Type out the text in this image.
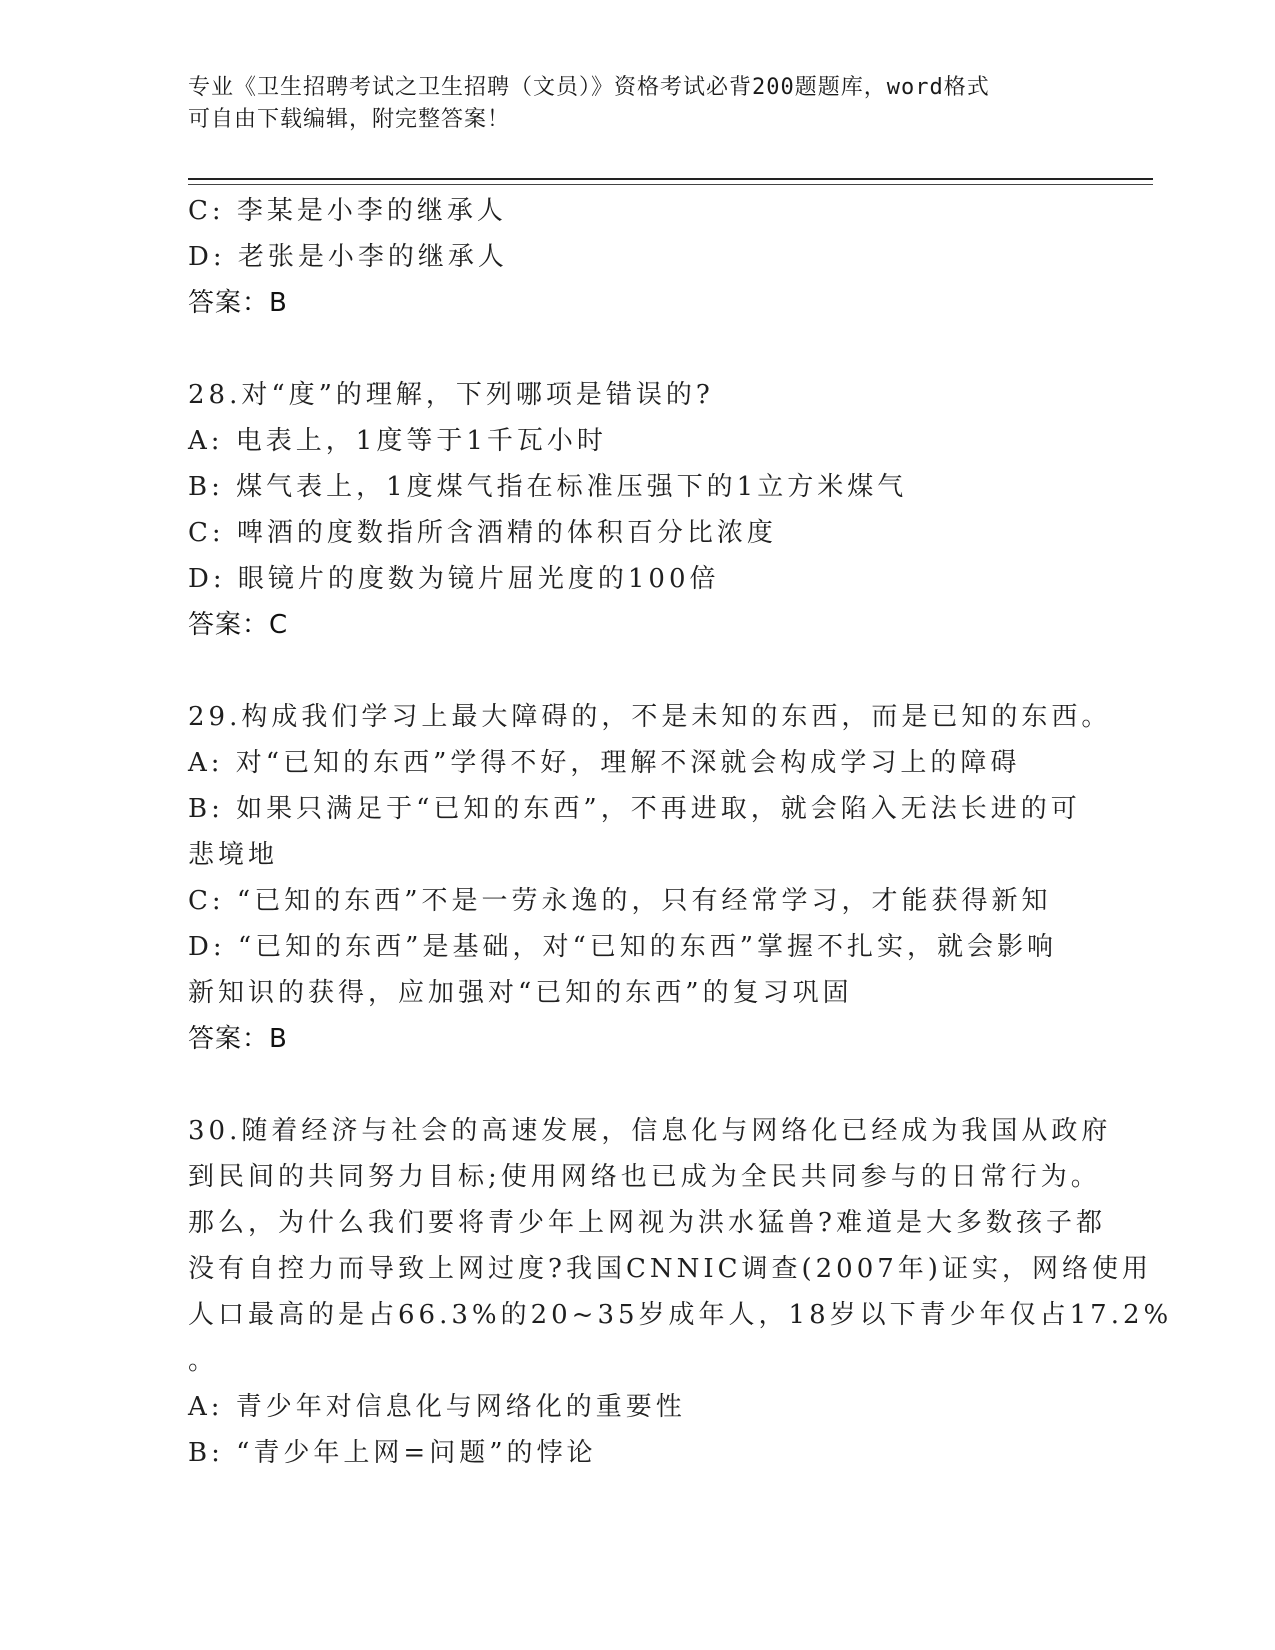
专业《卫生招聘考试之卫生招聘（文员）》资格考试必背200题题库，word格式
可自由下载编辑，附完整答案！
C: 李某是小李的继承人
D: 老张是小李的继承人
答案：B
28.对“度”的理解，下列哪项是错误的?
A: 电表上，1度等于1千瓦小时
B: 煤气表上，1度煤气指在标准压强下的1立方米煤气
C: 啤酒的度数指所含酒精的体积百分比浓度
D: 眼镜片的度数为镜片屈光度的100倍
答案：C
29.构成我们学习上最大障碍的，不是未知的东西，而是已知的东西。
A: 对“已知的东西”学得不好，理解不深就会构成学习上的障碍
B: 如果只满足于“已知的东西”，不再进取，就会陷入无法长进的可
悲境地
C: “已知的东西”不是一劳永逸的，只有经常学习，才能获得新知
D: “已知的东西”是基础，对“已知的东西”掌握不扎实，就会影响
新知识的获得，应加强对“已知的东西”的复习巩固
答案：B
30.随着经济与社会的高速发展，信息化与网络化已经成为我国从政府
到民间的共同努力目标;使用网络也已成为全民共同参与的日常行为。
那么，为什么我们要将青少年上网视为洪水猛兽?难道是大多数孩子都
没有自控力而导致上网过度?我国CNNIC调查(2007年)证实，网络使用
人口最高的是占66.3%的20~35岁成年人，18岁以下青少年仅占17.2%
。
A: 青少年对信息化与网络化的重要性
B: “青少年上网=问题”的悖论
